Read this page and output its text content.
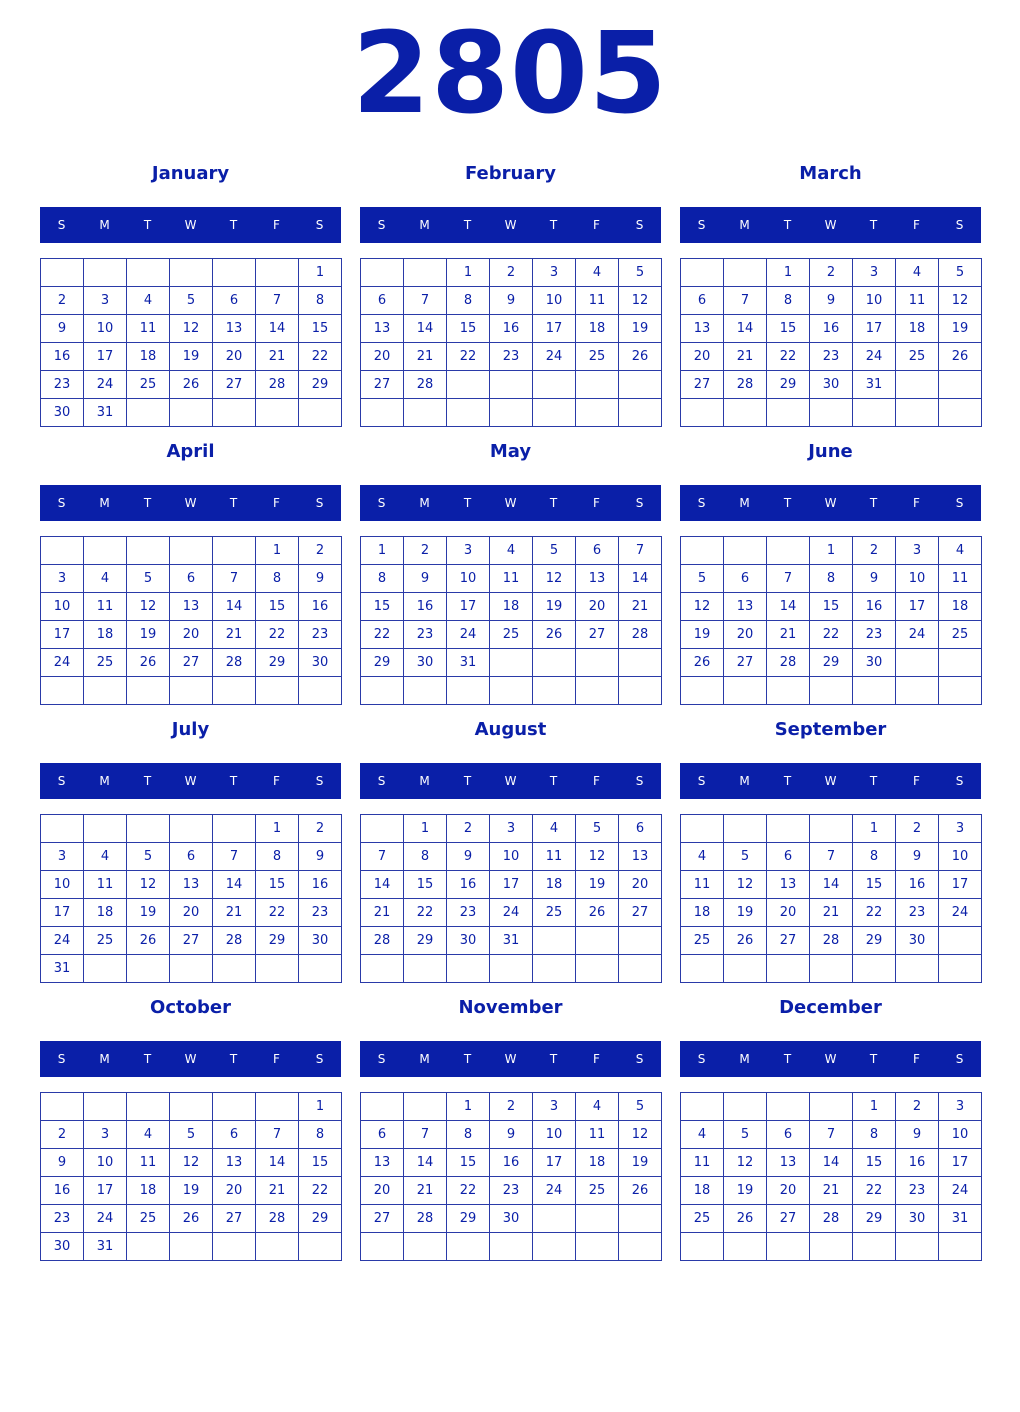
2805
January
S	M	T	W	T	F	S
						1
2	3	4	5	6	7	8
9	10	11	12	13	14	15
16	17	18	19	20	21	22
23	24	25	26	27	28	29
30	31					
February
S	M	T	W	T	F	S
		1	2	3	4	5
6	7	8	9	10	11	12
13	14	15	16	17	18	19
20	21	22	23	24	25	26
27	28					

March
S	M	T	W	T	F	S
		1	2	3	4	5
6	7	8	9	10	11	12
13	14	15	16	17	18	19
20	21	22	23	24	25	26
27	28	29	30	31		

April
S	M	T	W	T	F	S
					1	2
3	4	5	6	7	8	9
10	11	12	13	14	15	16
17	18	19	20	21	22	23
24	25	26	27	28	29	30

May
S	M	T	W	T	F	S
1	2	3	4	5	6	7
8	9	10	11	12	13	14
15	16	17	18	19	20	21
22	23	24	25	26	27	28
29	30	31				

June
S	M	T	W	T	F	S
			1	2	3	4
5	6	7	8	9	10	11
12	13	14	15	16	17	18
19	20	21	22	23	24	25
26	27	28	29	30		

July
S	M	T	W	T	F	S
					1	2
3	4	5	6	7	8	9
10	11	12	13	14	15	16
17	18	19	20	21	22	23
24	25	26	27	28	29	30
31						
August
S	M	T	W	T	F	S
	1	2	3	4	5	6
7	8	9	10	11	12	13
14	15	16	17	18	19	20
21	22	23	24	25	26	27
28	29	30	31			

September
S	M	T	W	T	F	S
				1	2	3
4	5	6	7	8	9	10
11	12	13	14	15	16	17
18	19	20	21	22	23	24
25	26	27	28	29	30	

October
S	M	T	W	T	F	S
						1
2	3	4	5	6	7	8
9	10	11	12	13	14	15
16	17	18	19	20	21	22
23	24	25	26	27	28	29
30	31					
November
S	M	T	W	T	F	S
		1	2	3	4	5
6	7	8	9	10	11	12
13	14	15	16	17	18	19
20	21	22	23	24	25	26
27	28	29	30			

December
S	M	T	W	T	F	S
				1	2	3
4	5	6	7	8	9	10
11	12	13	14	15	16	17
18	19	20	21	22	23	24
25	26	27	28	29	30	31
